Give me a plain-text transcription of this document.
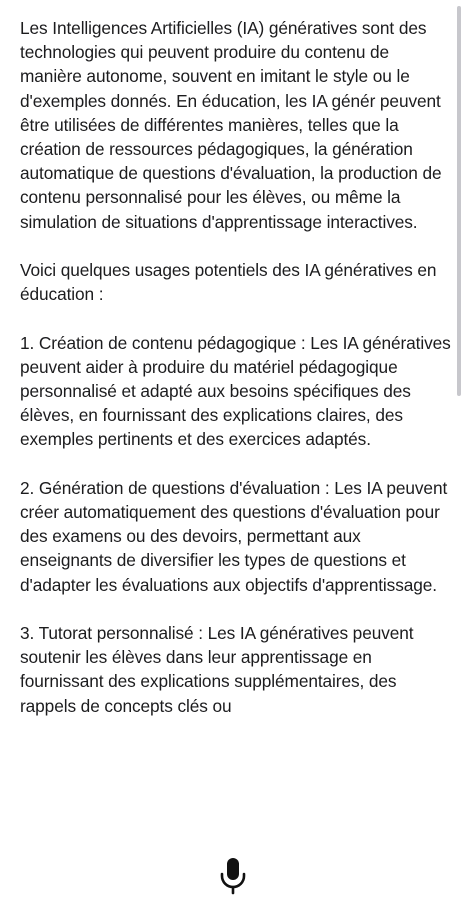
Les Intelligences Artificielles (IA) génératives sont des technologies qui peuvent produire du contenu de manière autonome, souvent en imitant le style ou le d'exemples donnés. En éducation, les IA génér peuvent être utilisées de différentes manières, telles que la création de ressources pédagogiques, la génération automatique de questions d'évaluation, la production de contenu personnalisé pour les élèves, ou même la simulation de situations d'apprentissage interactives.

Voici quelques usages potentiels des IA génératives en éducation :

1. Création de contenu pédagogique : Les IA génératives peuvent aider à produire du matériel pédagogique personnalisé et adapté aux besoins spécifiques des élèves, en fournissant des explications claires, des exemples pertinents et des exercices adaptés.

2. Génération de questions d'évaluation : Les IA peuvent créer automatiquement des questions d'évaluation pour des examens ou des devoirs, permettant aux enseignants de diversifier les types de questions et d'adapter les évaluations aux objectifs d'apprentissage.

3. Tutorat personnalisé : Les IA génératives peuvent soutenir les élèves dans leur apprentissage en fournissant des explications supplémentaires, des rappels de concepts clés ou
